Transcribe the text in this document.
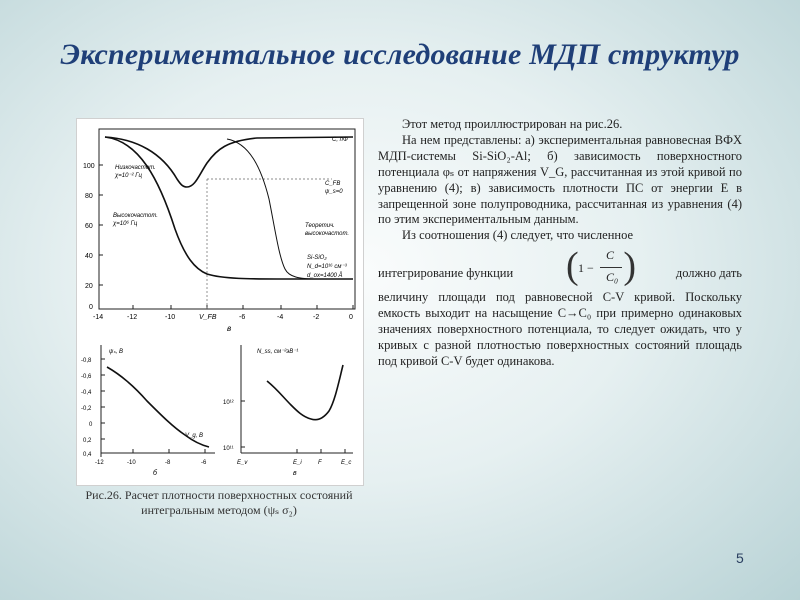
Экспериментальное исследование МДП структур
100
80
60
40
20
0
-14	-12	-10	V_FB	-6	-4	-2	0
в
C, пФ
Низкочастот.
χ=10⁻² Гц
Высокочастот.
χ=10⁶ Гц
C_FB
ψ_s=0
Теоретич.
высокочастот.
Si-SiO₂
N_d=10¹⁶ см⁻³
d_ox=1400 Å
ψₛ, В
-0,8
-0,6
-0,4
-0,2
0
0,2
0,4
-12	-10	-8	-6
V_g, В
б
N_ss, см⁻²эВ⁻¹
10¹²
10¹¹
E_v	E_i	F	E_c
в
Рис.26. Расчет плотности поверхностных состояний интегральным методом (ψₛ σ₂)

Этот метод проиллюстрирован на рис.26.

На нем представлены: а) экспериментальная равновесная ВФХ МДП-системы Si-SiO₂-Al; б) зависимость поверхностного потенциала φₛ от напряжения V_G, рассчитанная из этой кривой по уравнению (4); в) зависимость плотности ПС от энергии E в запрещенной зоне полупроводника, рассчитанная из уравнения (4) по этим экспериментальным данным.

Из соотношения (4) следует, что численное

интегрирование функции ( 1 −
C
C₀ )	должно дать

величину площади под равновесной C-V кривой. Поскольку емкость выходит на насыщение C→C₀ при примерно одинаковых значениях поверхностного потенциала, то следует ожидать, что у кривых с разной плотностью поверхностных состояний площадь под кривой C-V будет одинакова.

5
